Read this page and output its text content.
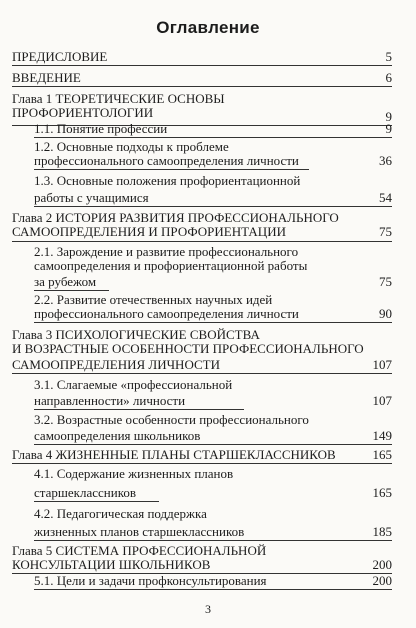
Оглавление
ПРЕДИСЛОВИЕ	5
ВВЕДЕНИЕ	6
Глава 1 ТЕОРЕТИЧЕСКИЕ ОСНОВЫ
ПРОФОРИЕНТОЛОГИИ	9
1.1. Понятие профессии	9
1.2. Основные подходы к проблеме
профессионального самоопределения личности	36
1.3. Основные положения профориентационной
работы с учащимися	54
Глава 2 ИСТОРИЯ РАЗВИТИЯ ПРОФЕССИОНАЛЬНОГО
САМООПРЕДЕЛЕНИЯ И ПРОФОРИЕНТАЦИИ	75
2.1. Зарождение и развитие профессионального
самоопределения и профориентационной работы
за рубежом	75
2.2. Развитие отечественных научных идей
профессионального самоопределения личности	90
Глава 3 ПСИХОЛОГИЧЕСКИЕ СВОЙСТВА
И ВОЗРАСТНЫЕ ОСОБЕННОСТИ ПРОФЕССИОНАЛЬНОГО
САМООПРЕДЕЛЕНИЯ ЛИЧНОСТИ	107
3.1. Слагаемые «профессиональной
направленности» личности	107
3.2. Возрастные особенности профессионального
самоопределения школьников	149
Глава 4 ЖИЗНЕННЫЕ ПЛАНЫ СТАРШЕКЛАССНИКОВ	165
4.1. Содержание жизненных планов
старшеклассников	165
4.2. Педагогическая поддержка
жизненных планов старшеклассников	185
Глава 5 СИСТЕМА ПРОФЕССИОНАЛЬНОЙ
КОНСУЛЬТАЦИИ ШКОЛЬНИКОВ	200
5.1. Цели и задачи профконсультирования	200
3
